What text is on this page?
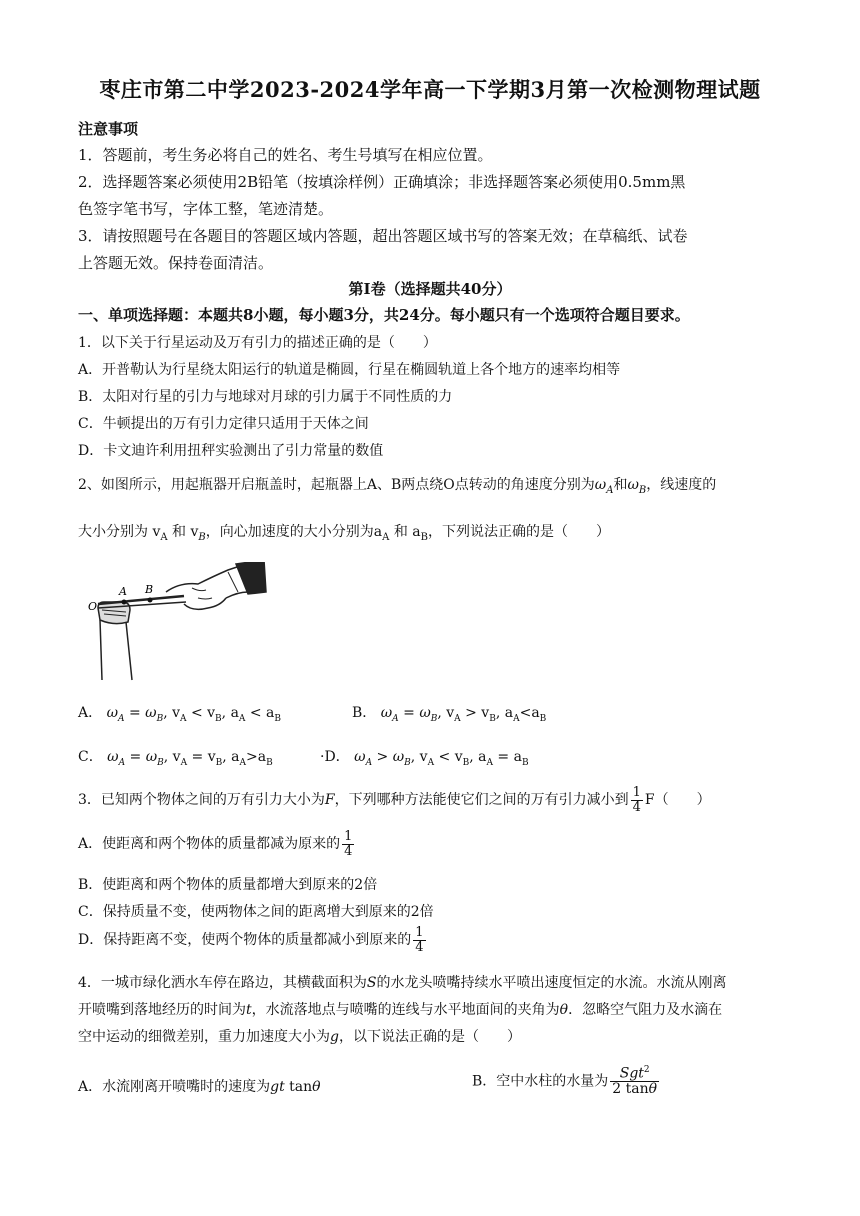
枣庄市第二中学2023-2024学年高一下学期3月第一次检测物理试题
注意事项
1．答题前，考生务必将自己的姓名、考生号填写在相应位置。
2．选择题答案必须使用2B铅笔（按填涂样例）正确填涂；非选择题答案必须使用0.5mm黑
色签字笔书写，字体工整，笔迹清楚。
3．请按照题号在各题目的答题区域内答题，超出答题区域书写的答案无效；在草稿纸、试卷
上答题无效。保持卷面清洁。
第Ⅰ卷（选择题共40分）
一、单项选择题：本题共8小题，每小题3分，共24分。每小题只有一个选项符合题目要求。
1．以下关于行星运动及万有引力的描述正确的是（　　）
A．开普勒认为行星绕太阳运行的轨道是椭圆，行星在椭圆轨道上各个地方的速率均相等
B．太阳对行星的引力与地球对月球的引力属于不同性质的力
C．牛顿提出的万有引力定律只适用于天体之间
D．卡文迪许利用扭秤实验测出了引力常量的数值
2、如图所示，用起瓶器开启瓶盖时，起瓶器上A、B两点绕O点转动的角速度分别为$\omega_A$和$\omega_B$，线速度的
大小分别为 $v_A$ 和 $v_B$，向心加速度的大小分别为$a_A$ 和 $a_B$，下列说法正确的是（　　）
O
A B
A． $\omega_A = \omega_B$, $v_A < v_B$, $a_A < a_B$	B． $\omega_A = \omega_B$, $v_A > v_B$, $a_A<a_B$
C． $\omega_A = \omega_B$, $v_A = v_B$, $a_A>a_B$	·D． $\omega_A > \omega_B$, $v_A < v_B$, $a_A = a_B$
3．已知两个物体之间的万有引力大小为F，下列哪种方法能使它们之间的万有引力减小到 $\frac{1}{4} F$（　　）
A．使距离和两个物体的质量都减为原来的 $\frac{1}{4}$
B．使距离和两个物体的质量都增大到原来的2倍
C．保持质量不变，使两物体之间的距离增大到原来的2倍
D．保持距离不变，使两个物体的质量都减小到原来的 $\frac{1}{4}$
4．一城市绿化洒水车停在路边，其横截面积为S的水龙头喷嘴持续水平喷出速度恒定的水流。水流从刚离
开喷嘴到落地经历的时间为t，水流落地点与喷嘴的连线与水平地面间的夹角为θ．忽略空气阻力及水滴在
空中运动的细微差别，重力加速度大小为g，以下说法正确的是（　　）
A．水流刚离开喷嘴时的速度为gt tanθ	B．空中水柱的水量为 $\frac{Sgt^2}{2 \tan\theta}$
